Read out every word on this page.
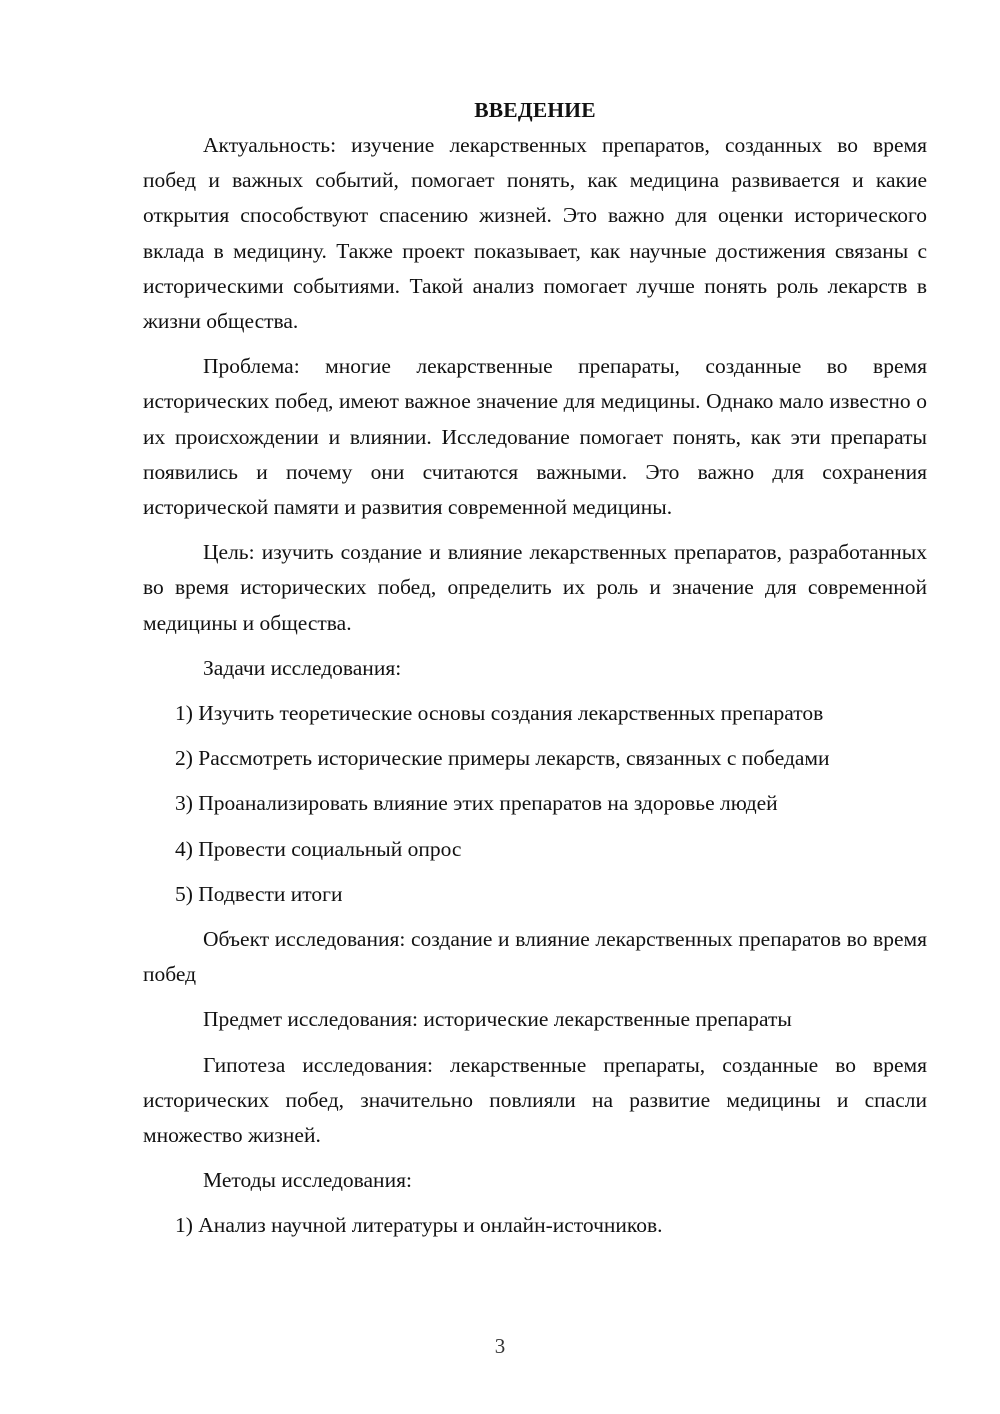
ВВЕДЕНИЕ

Актуальность: изучение лекарственных препаратов, созданных во время побед и важных событий, помогает понять, как медицина развивается и какие открытия способствуют спасению жизней. Это важно для оценки исторического вклада в медицину. Также проект показывает, как научные достижения связаны с историческими событиями. Такой анализ помогает лучше понять роль лекарств в жизни общества.

Проблема: многие лекарственные препараты, созданные во время исторических побед, имеют важное значение для медицины. Однако мало известно о их происхождении и влиянии. Исследование помогает понять, как эти препараты появились и почему они считаются важными. Это важно для сохранения исторической памяти и развития современной медицины.

Цель: изучить создание и влияние лекарственных препаратов, разработанных во время исторических побед, определить их роль и значение для современной медицины и общества.

Задачи исследования:

1) Изучить теоретические основы создания лекарственных препаратов
2) Рассмотреть исторические примеры лекарств, связанных с победами
3) Проанализировать влияние этих препаратов на здоровье людей
4) Провести социальный опрос
5) Подвести итоги

Объект исследования: создание и влияние лекарственных препаратов во время побед

Предмет исследования: исторические лекарственные препараты

Гипотеза исследования: лекарственные препараты, созданные во время исторических побед, значительно повлияли на развитие медицины и спасли множество жизней.

Методы исследования:

1) Анализ научной литературы и онлайн-источников.
3
